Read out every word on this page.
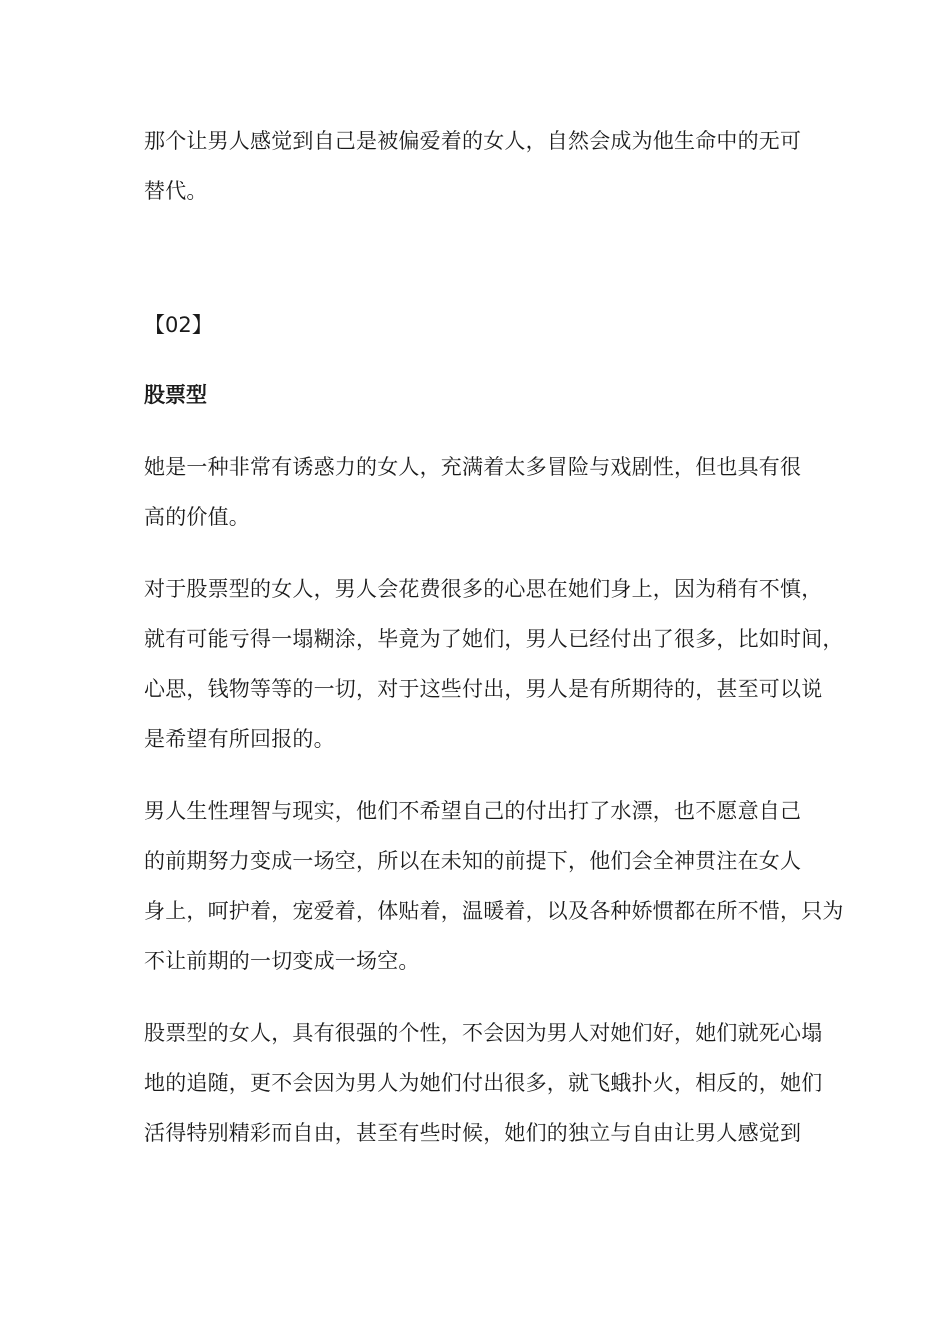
那个让男人感觉到自己是被偏爱着的女人，自然会成为他生命中的无可
替代。

【02】

股票型

她是一种非常有诱惑力的女人，充满着太多冒险与戏剧性，但也具有很
高的价值。

对于股票型的女人，男人会花费很多的心思在她们身上，因为稍有不慎，
就有可能亏得一塌糊涂，毕竟为了她们，男人已经付出了很多，比如时间，
心思，钱物等等的一切，对于这些付出，男人是有所期待的，甚至可以说
是希望有所回报的。

男人生性理智与现实，他们不希望自己的付出打了水漂，也不愿意自己
的前期努力变成一场空，所以在未知的前提下，他们会全神贯注在女人
身上，呵护着，宠爱着，体贴着，温暖着，以及各种娇惯都在所不惜，只为
不让前期的一切变成一场空。

股票型的女人，具有很强的个性，不会因为男人对她们好，她们就死心塌
地的追随，更不会因为男人为她们付出很多，就飞蛾扑火，相反的，她们
活得特别精彩而自由，甚至有些时候，她们的独立与自由让男人感觉到
